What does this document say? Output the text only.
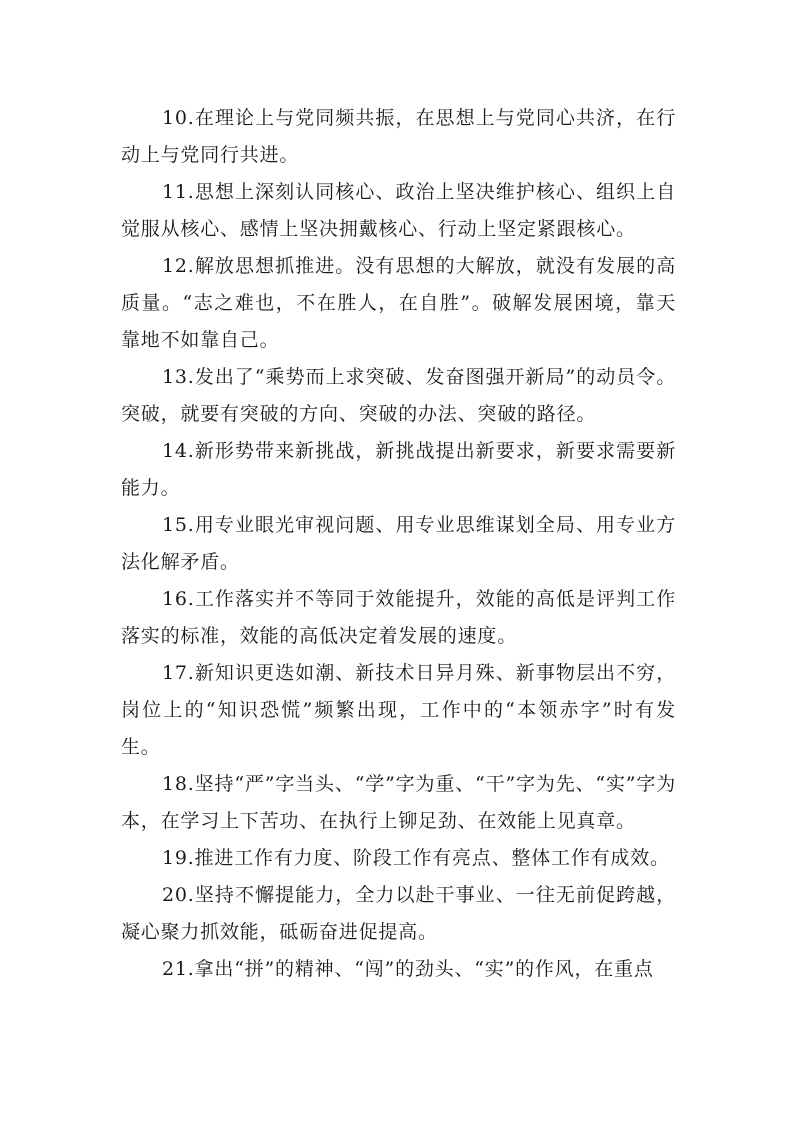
10.在理论上与党同频共振，在思想上与党同心共济，在行动上与党同行共进。

11.思想上深刻认同核心、政治上坚决维护核心、组织上自觉服从核心、感情上坚决拥戴核心、行动上坚定紧跟核心。

12.解放思想抓推进。没有思想的大解放，就没有发展的高质量。“志之难也，不在胜人，在自胜”。破解发展困境，靠天靠地不如靠自己。

13.发出了“乘势而上求突破、发奋图强开新局”的动员令。突破，就要有突破的方向、突破的办法、突破的路径。

14.新形势带来新挑战，新挑战提出新要求，新要求需要新能力。

15.用专业眼光审视问题、用专业思维谋划全局、用专业方法化解矛盾。

16.工作落实并不等同于效能提升，效能的高低是评判工作落实的标准，效能的高低决定着发展的速度。

17.新知识更迭如潮、新技术日异月殊、新事物层出不穷，岗位上的“知识恐慌”频繁出现，工作中的“本领赤字”时有发生。

18.坚持“严”字当头、“学”字为重、“干”字为先、“实”字为本，在学习上下苦功、在执行上铆足劲、在效能上见真章。

19.推进工作有力度、阶段工作有亮点、整体工作有成效。

20.坚持不懈提能力，全力以赴干事业、一往无前促跨越，凝心聚力抓效能，砥砺奋进促提高。

21.拿出“拼”的精神、“闯”的劲头、“实”的作风，在重点
